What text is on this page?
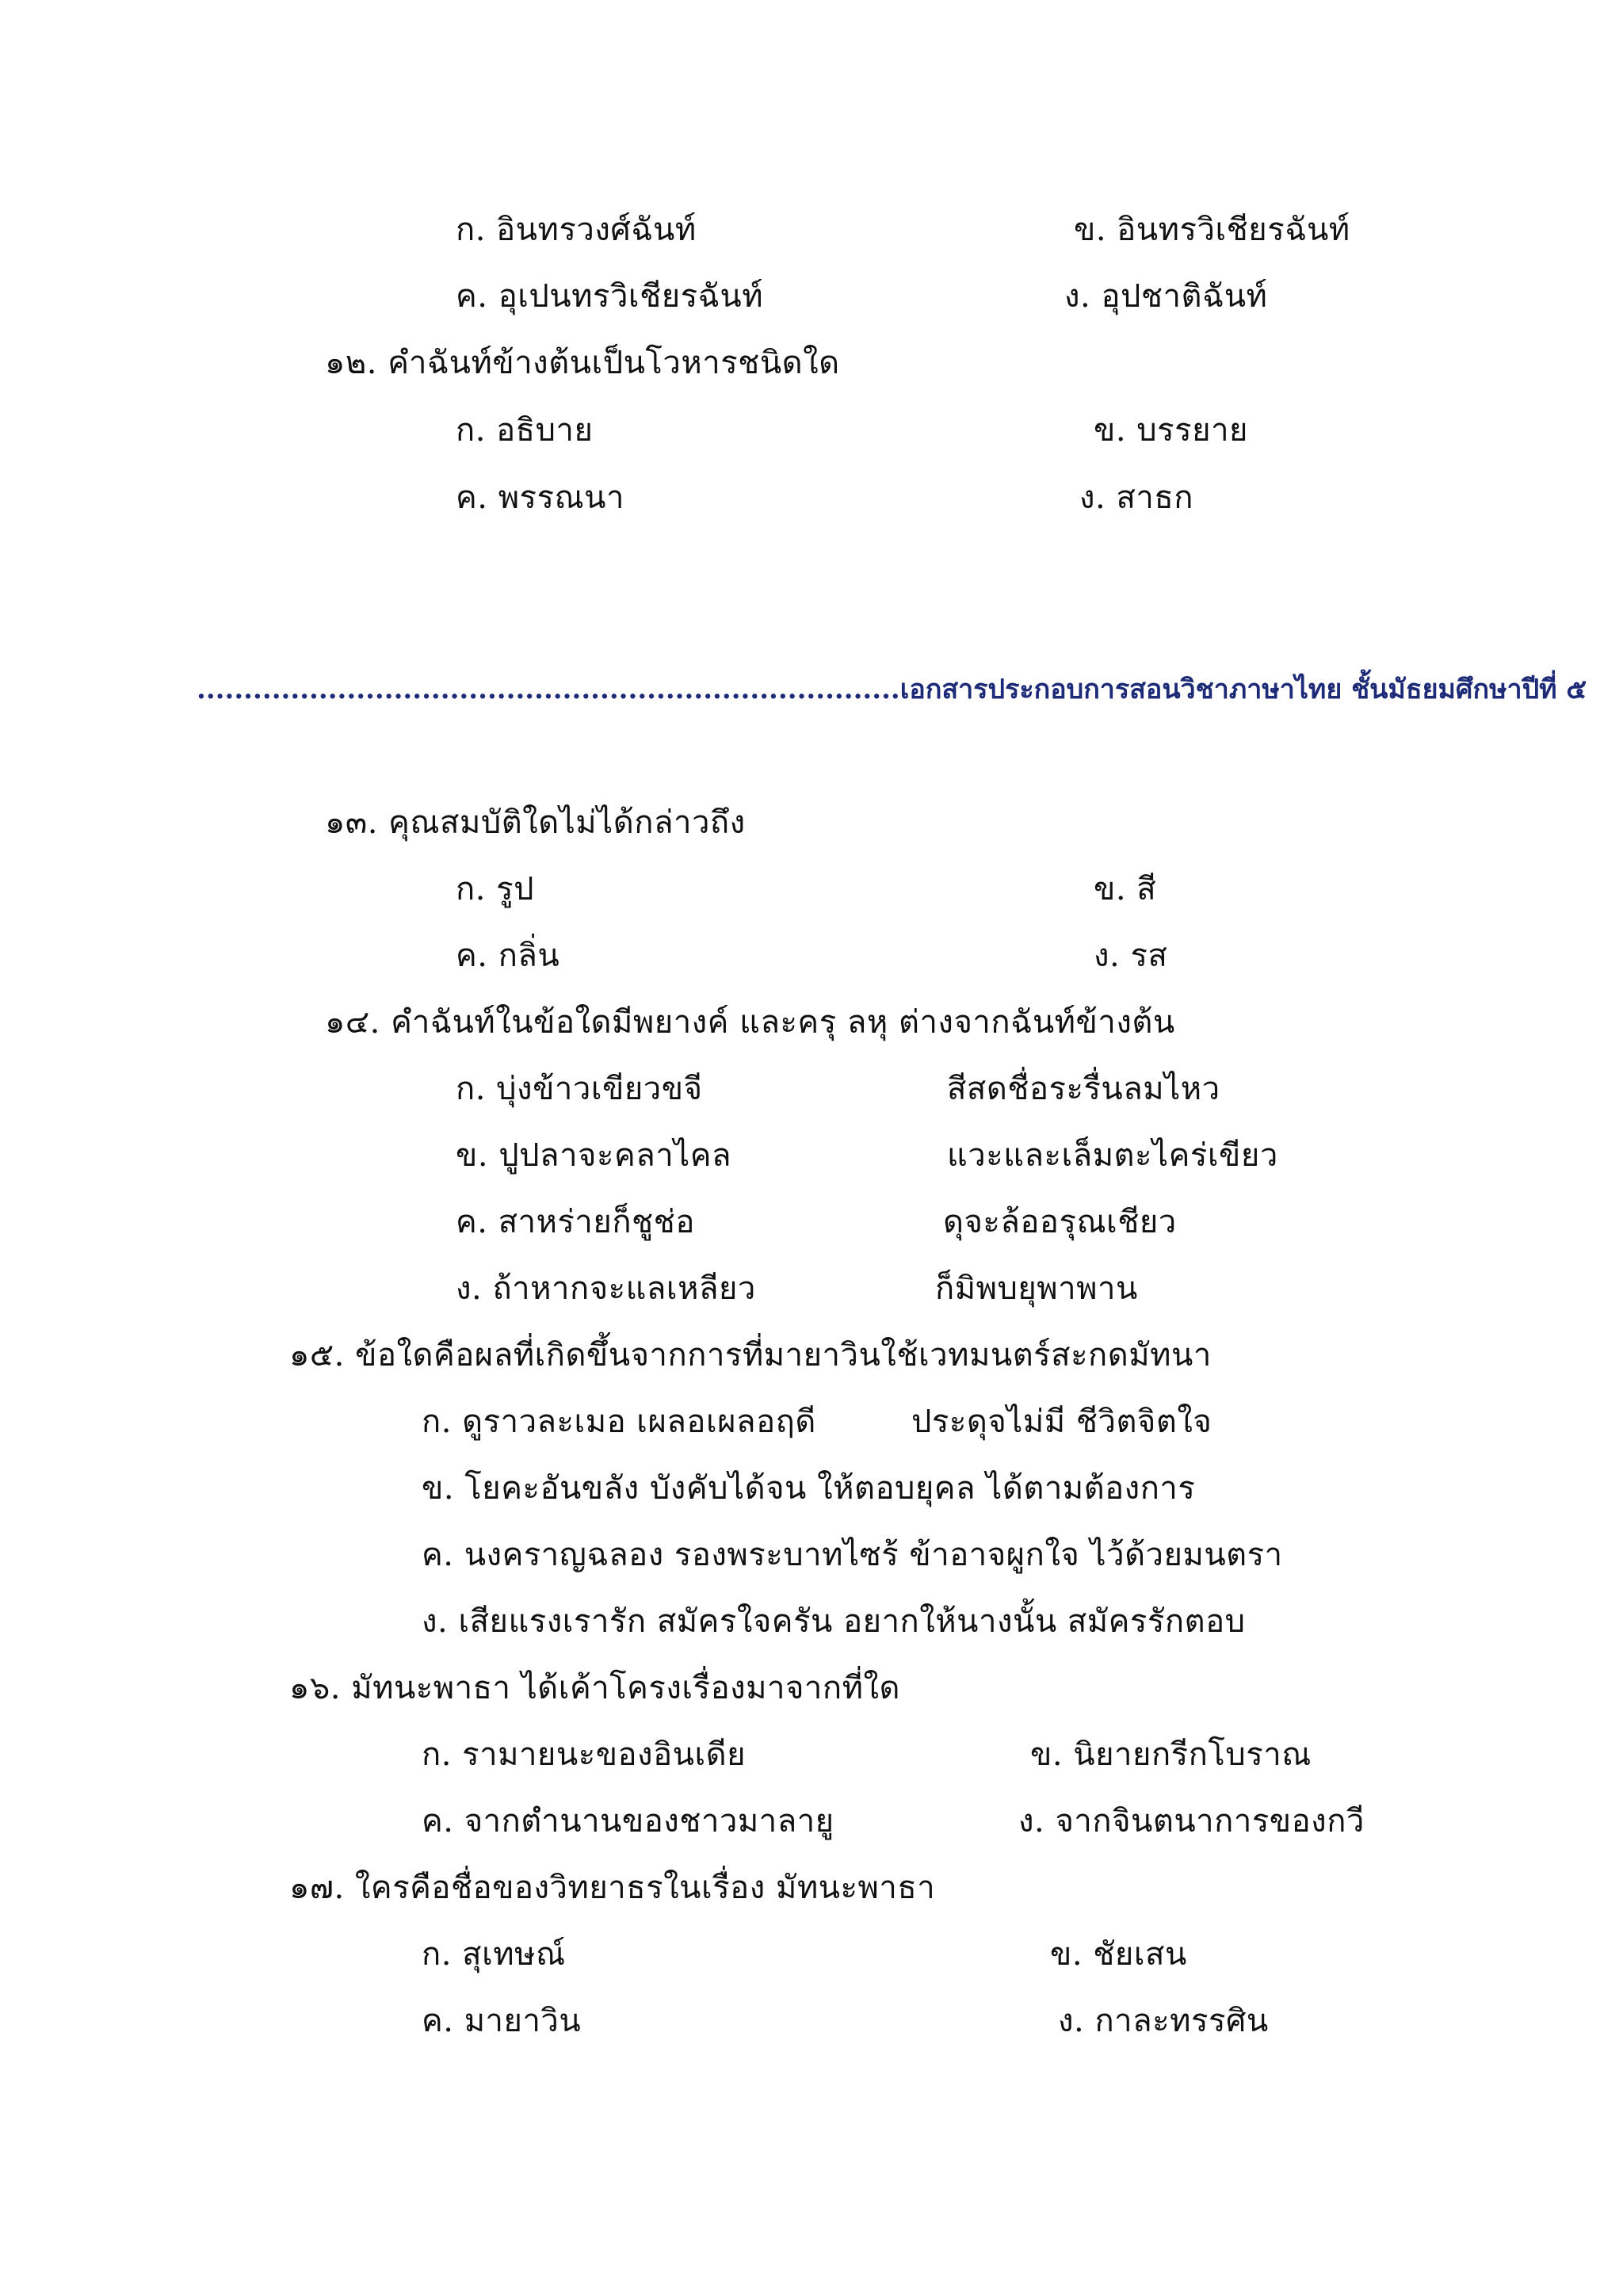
ก. อินทรวงศ์ฉันท์	ข. อินทรวิเชียรฉันท์
ค. อุเปนทรวิเชียรฉันท์	ง. อุปชาติฉันท์
๑๒. คำฉันท์ข้างต้นเป็นโวหารชนิดใด
ก. อธิบาย	ข. บรรยาย
ค. พรรณนา	ง. สาธก
...........................................................................เอกสารประกอบการสอนวิชาภาษาไทย ชั้นมัธยมศึกษาปีที่ ๕
๑๓. คุณสมบัติใดไม่ได้กล่าวถึง
ก. รูป	ข. สี
ค. กลิ่น	ง. รส
๑๔. คำฉันท์ในข้อใดมีพยางค์ และครุ ลหุ ต่างจากฉันท์ข้างต้น
ก. บุ่งข้าวเขียวขจี	สีสดชื่อระรื่นลมไหว
ข. ปูปลาจะคลาไคล	แวะและเล็มตะไคร่เขียว
ค. สาหร่ายก็ชูช่อ	ดุจะล้ออรุณเชียว
ง. ถ้าหากจะแลเหลียว	ก็มิพบยุพาพาน
๑๕. ข้อใดคือผลที่เกิดขึ้นจากการที่มายาวินใช้เวทมนตร์สะกดมัทนา
ก. ดูราวละเมอ เผลอเผลอฤดี	ประดุจไม่มี ชีวิตจิตใจ
ข. โยคะอันขลัง บังคับได้จน ให้ตอบยุคล ได้ตามต้องการ
ค. นงคราญฉลอง รองพระบาทไซร้ ข้าอาจผูกใจ ไว้ด้วยมนตรา
ง. เสียแรงเรารัก สมัครใจครัน อยากให้นางนั้น สมัครรักตอบ
๑๖. มัทนะพาธา ได้เค้าโครงเรื่องมาจากที่ใด
ก. รามายนะของอินเดีย	ข. นิยายกรีกโบราณ
ค. จากตำนานของชาวมาลายู	ง. จากจินตนาการของกวี
๑๗. ใครคือชื่อของวิทยาธรในเรื่อง มัทนะพาธา
ก. สุเทษณ์	ข. ชัยเสน
ค. มายาวิน	ง. กาละทรรศิน
